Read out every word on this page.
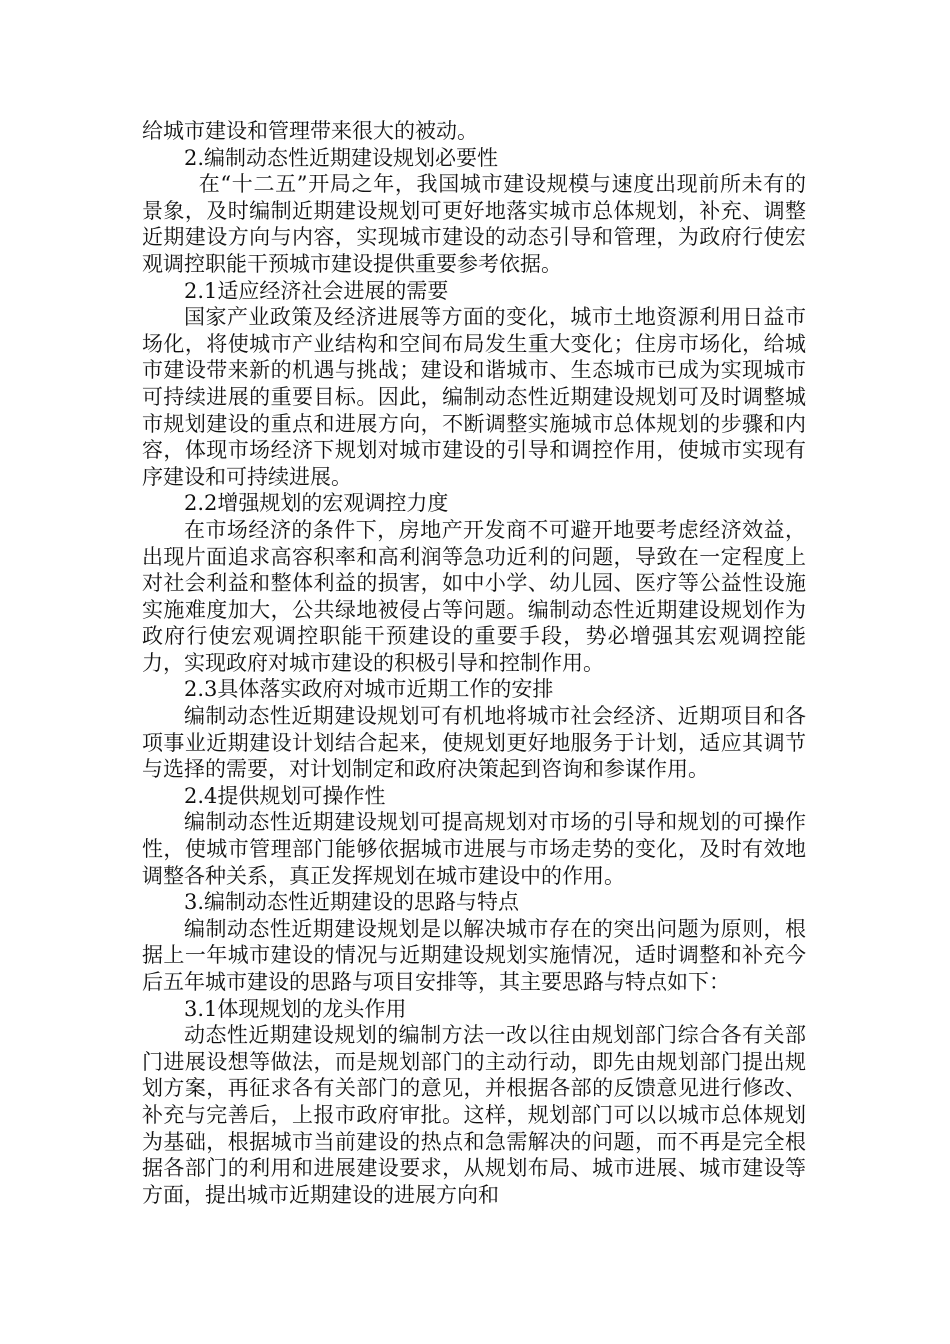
给城市建设和管理带来很大的被动。

2.编制动态性近期建设规划必要性

在“十二五”开局之年，我国城市建设规模与速度出现前所未有的景象，及时编制近期建设规划可更好地落实城市总体规划，补充、调整近期建设方向与内容，实现城市建设的动态引导和管理，为政府行使宏观调控职能干预城市建设提供重要参考依据。

2.1适应经济社会进展的需要

国家产业政策及经济进展等方面的变化，城市土地资源利用日益市场化，将使城市产业结构和空间布局发生重大变化；住房市场化，给城市建设带来新的机遇与挑战；建设和谐城市、生态城市已成为实现城市可持续进展的重要目标。因此，编制动态性近期建设规划可及时调整城市规划建设的重点和进展方向，不断调整实施城市总体规划的步骤和内容，体现市场经济下规划对城市建设的引导和调控作用，使城市实现有序建设和可持续进展。

2.2增强规划的宏观调控力度

在市场经济的条件下，房地产开发商不可避开地要考虑经济效益，出现片面追求高容积率和高利润等急功近利的问题，导致在一定程度上对社会利益和整体利益的损害，如中小学、幼儿园、医疗等公益性设施实施难度加大，公共绿地被侵占等问题。编制动态性近期建设规划作为政府行使宏观调控职能干预建设的重要手段，势必增强其宏观调控能力，实现政府对城市建设的积极引导和控制作用。

2.3具体落实政府对城市近期工作的安排

编制动态性近期建设规划可有机地将城市社会经济、近期项目和各项事业近期建设计划结合起来，使规划更好地服务于计划，适应其调节与选择的需要，对计划制定和政府决策起到咨询和参谋作用。

2.4提供规划可操作性

编制动态性近期建设规划可提高规划对市场的引导和规划的可操作性，使城市管理部门能够依据城市进展与市场走势的变化，及时有效地调整各种关系，真正发挥规划在城市建设中的作用。

3.编制动态性近期建设的思路与特点

编制动态性近期建设规划是以解决城市存在的突出问题为原则，根据上一年城市建设的情况与近期建设规划实施情况，适时调整和补充今后五年城市建设的思路与项目安排等，其主要思路与特点如下：

3.1体现规划的龙头作用

动态性近期建设规划的编制方法一改以往由规划部门综合各有关部门进展设想等做法，而是规划部门的主动行动，即先由规划部门提出规划方案，再征求各有关部门的意见，并根据各部的反馈意见进行修改、补充与完善后，上报市政府审批。这样，规划部门可以以城市总体规划为基础，根据城市当前建设的热点和急需解决的问题，而不再是完全根据各部门的利用和进展建设要求，从规划布局、城市进展、城市建设等方面，提出城市近期建设的进展方向和
